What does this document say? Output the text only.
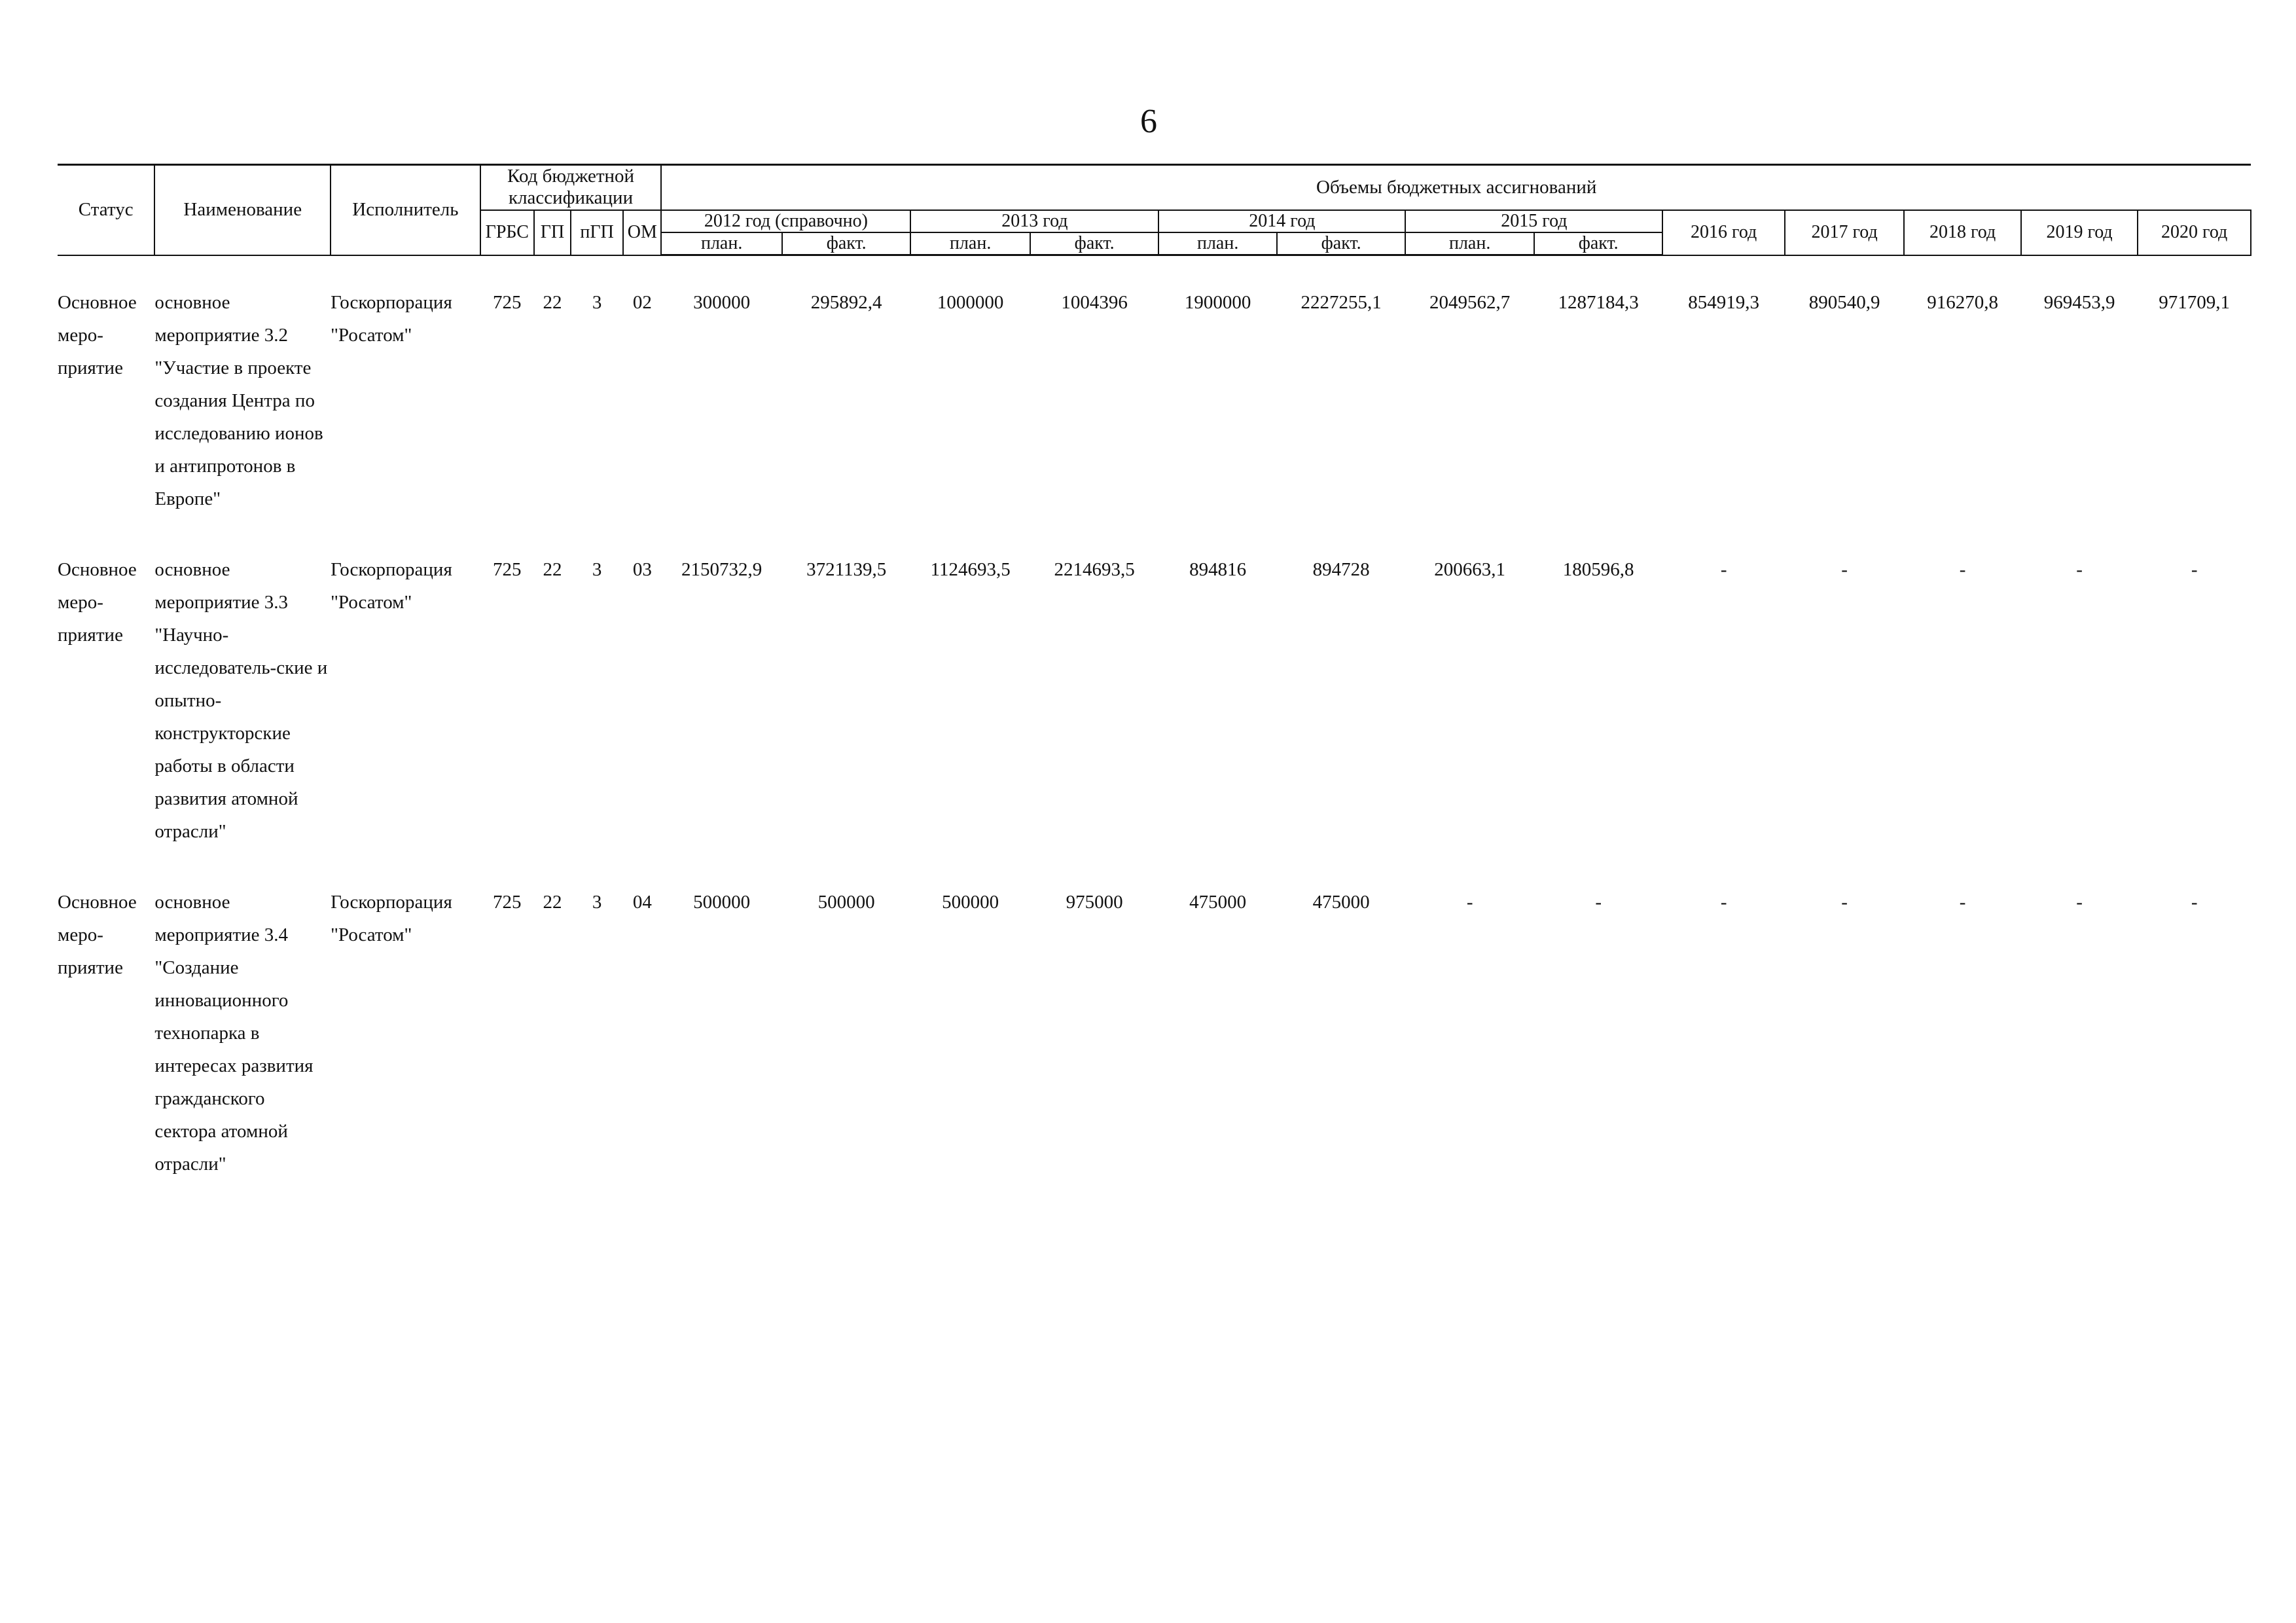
6
Статус	Наименование	Исполнитель	Код бюджетной классификации				Объемы бюджетных ассигнований												
			ГРБС	ГП	пГП	ОМ	2012 год (справочно)		2013 год		2014 год		2015 год		2016 год	2017 год	2018 год	2019 год	2020 год
							план.	факт.	план.	факт.	план.	факт.	план.	факт.					

Основное меро-приятие	основное мероприятие 3.2 "Участие в проекте создания Центра по исследованию ионов и антипротонов в Европе"	Госкорпорация "Росатом"	725	22	3	02	300000	295892,4	1000000	1004396	1900000	2227255,1	2049562,7	1287184,3	854919,3	890540,9	916270,8	969453,9	971709,1

Основное меро-приятие	основное мероприятие 3.3 "Научно-исследователь-ские и опытно-конструкторские работы в области развития атомной отрасли"	Госкорпорация "Росатом"	725	22	3	03	2150732,9	3721139,5	1124693,5	2214693,5	894816	894728	200663,1	180596,8	-	-	-	-	-

Основное меро-приятие	основное мероприятие 3.4 "Создание инновационного технопарка в интересах развития гражданского сектора атомной отрасли"	Госкорпорация "Росатом"	725	22	3	04	500000	500000	500000	975000	475000	475000	-	-	-	-	-	-	-
